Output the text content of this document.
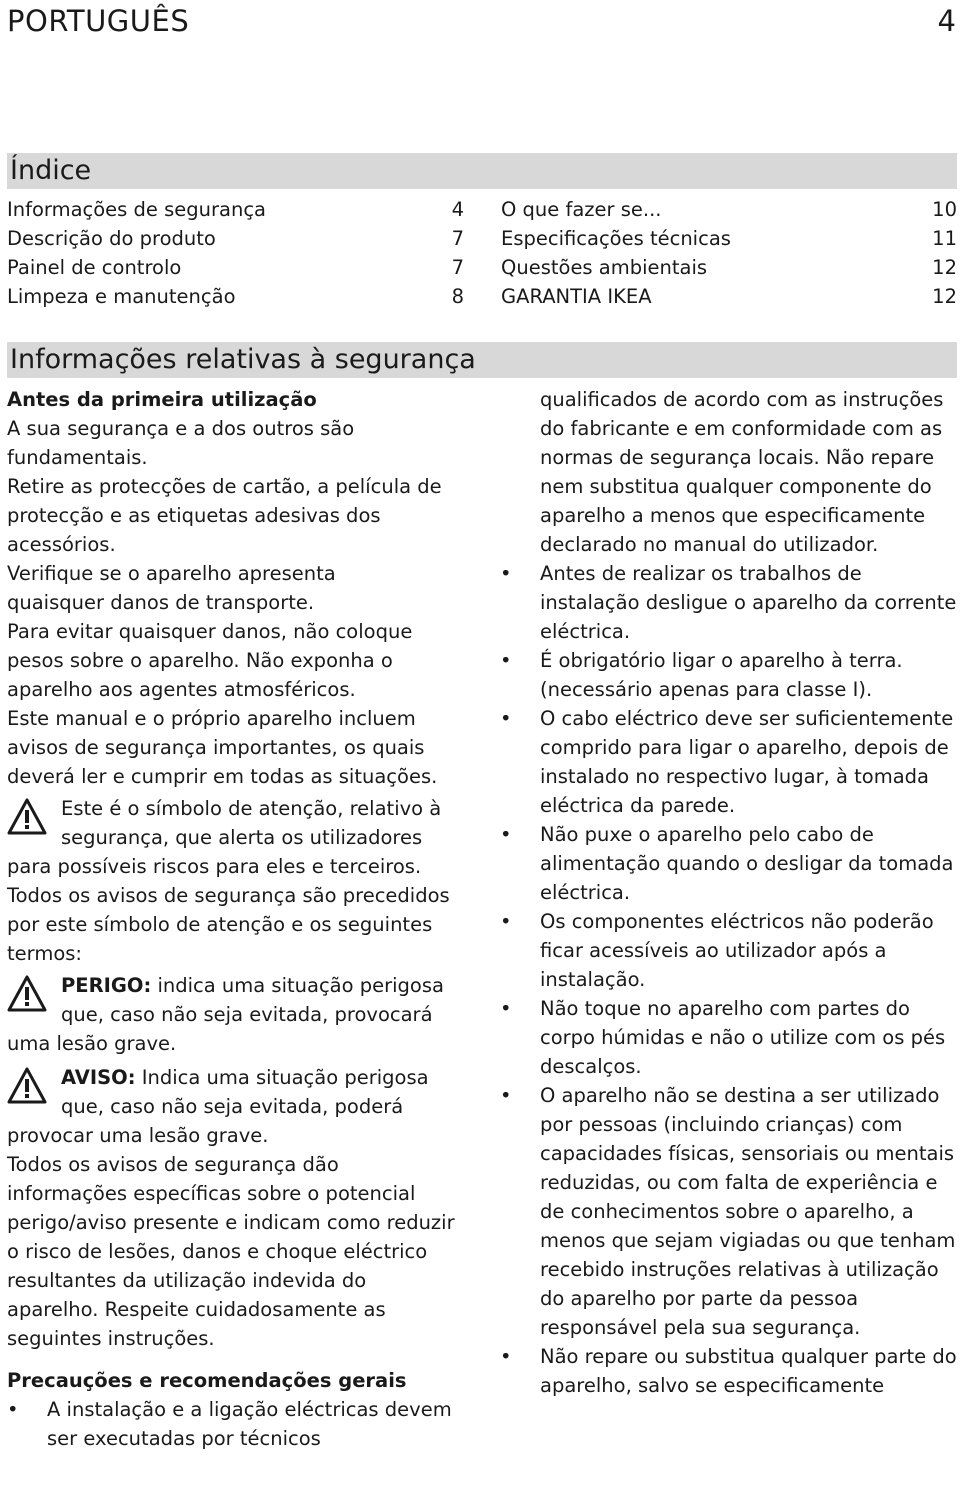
PORTUGUÊS	4
Índice
Informações de segurança	4
Descrição do produto	7
Painel de controlo	7
Limpeza e manutenção	8
O que fazer se...	10
Especificações técnicas	11
Questões ambientais	12
GARANTIA IKEA	12
Informações relativas à segurança

Antes da primeira utilização

A sua segurança e a dos outros são fundamentais.

Retire as protecções de cartão, a película de protecção e as etiquetas adesivas dos acessórios.

Verifique se o aparelho apresenta quaisquer danos de transporte.

Para evitar quaisquer danos, não coloque pesos sobre o aparelho. Não exponha o aparelho aos agentes atmosféricos.

Este manual e o próprio aparelho incluem avisos de segurança importantes, os quais deverá ler e cumprir em todas as situações.

Este é o símbolo de atenção, relativo à
segurança, que alerta os utilizadores
para possíveis riscos para eles e terceiros.

Todos os avisos de segurança são precedidos por este símbolo de atenção e os seguintes termos:

PERIGO: indica uma situação perigosa
que, caso não seja evitada, provocará
uma lesão grave.
AVISO: Indica uma situação perigosa
que, caso não seja evitada, poderá
provocar uma lesão grave.

Todos os avisos de segurança dão informações específicas sobre o potencial perigo/aviso presente e indicam como reduzir o risco de lesões, danos e choque eléctrico resultantes da utilização indevida do aparelho. Respeite cuidadosamente as seguintes instruções.

Precauções e recomendações gerais

•	A instalação e a ligação eléctricas devem ser executadas por técnicos

qualificados de acordo com as instruções do fabricante e em conformidade com as normas de segurança locais. Não repare nem substitua qualquer componente do aparelho a menos que especificamente declarado no manual do utilizador.

•	Antes de realizar os trabalhos de instalação desligue o aparelho da corrente eléctrica.
•	É obrigatório ligar o aparelho à terra. (necessário apenas para classe I).
•	O cabo eléctrico deve ser suficientemente comprido para ligar o aparelho, depois de instalado no respectivo lugar, à tomada eléctrica da parede.
•	Não puxe o aparelho pelo cabo de alimentação quando o desligar da tomada eléctrica.
•	Os componentes eléctricos não poderão ficar acessíveis ao utilizador após a instalação.
•	Não toque no aparelho com partes do corpo húmidas e não o utilize com os pés descalços.
•	O aparelho não se destina a ser utilizado por pessoas (incluindo crianças) com capacidades físicas, sensoriais ou mentais reduzidas, ou com falta de experiência e de conhecimentos sobre o aparelho, a menos que sejam vigiadas ou que tenham recebido instruções relativas à utilização do aparelho por parte da pessoa responsável pela sua segurança.
•	Não repare ou substitua qualquer parte do aparelho, salvo se especificamente
